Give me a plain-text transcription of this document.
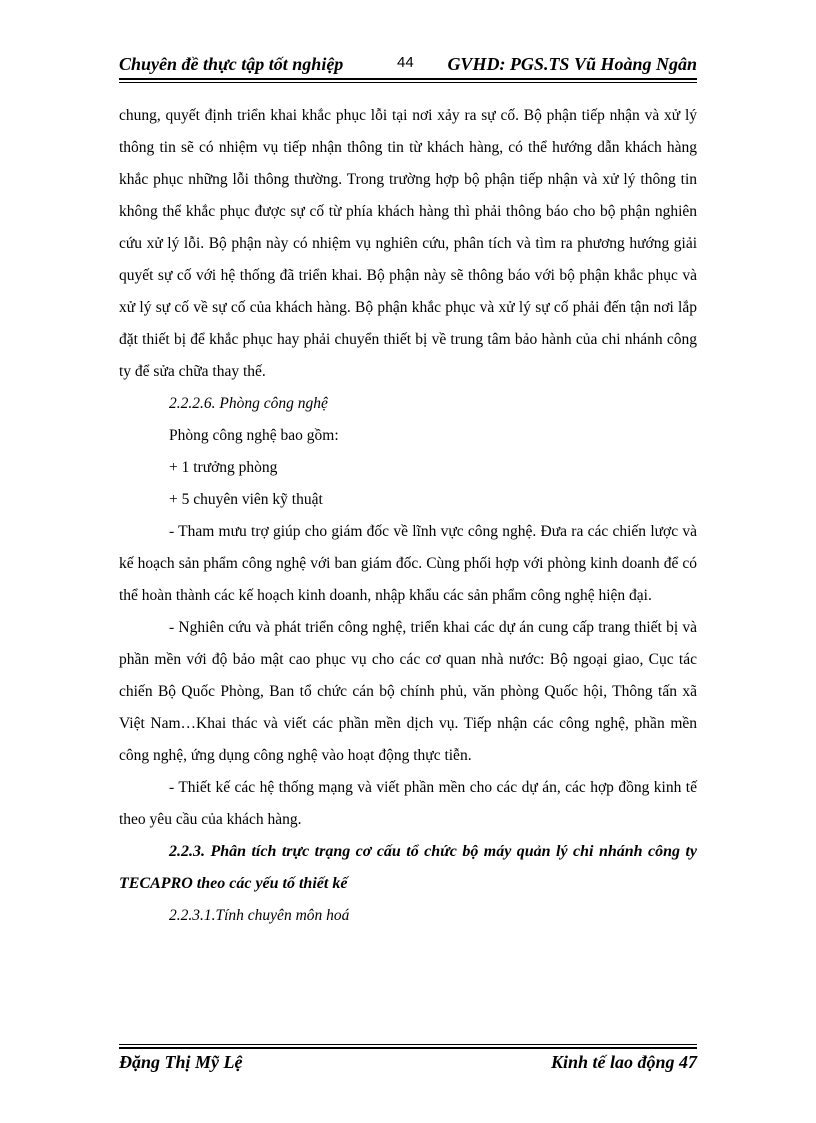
Chuyên đề thực tập tốt nghiệp	44 GVHD: PGS.TS Vũ Hoàng Ngân

chung, quyết định triển khai khắc phục lỗi tại nơi xảy ra sự cố. Bộ phận tiếp nhận và xử lý thông tin sẽ có nhiệm vụ tiếp nhận thông tin từ khách hàng, có thể hướng dẫn khách hàng khắc phục những lỗi thông thường. Trong trường hợp bộ phận tiếp nhận và xử lý thông tin không thể khắc phục được sự cố từ phía khách hàng thì phải thông báo cho bộ phận nghiên cứu xử lý lỗi. Bộ phận này có nhiệm vụ nghiên cứu, phân tích và tìm ra phương hướng giải quyết sự cố với hệ thống đã triển khai. Bộ phận này sẽ thông báo với bộ phận khắc phục và xử lý sự cố về sự cố của khách hàng. Bộ phận khắc phục và xử lý sự cố phải đến tận nơi lắp đặt thiết bị để khắc phục hay phải chuyển thiết bị về trung tâm bảo hành của chi nhánh công ty để sửa chữa thay thế.

2.2.2.6. Phòng công nghệ

Phòng công nghệ bao gồm:

+ 1 trưởng phòng

+ 5 chuyên viên kỹ thuật

- Tham mưu trợ giúp cho giám đốc về lĩnh vực công nghệ. Đưa ra các chiến lược và kế hoạch sản phẩm công nghệ với ban giám đốc. Cùng phối hợp với phòng kinh doanh để có thể hoàn thành các kế hoạch kinh doanh, nhập khẩu các sản phẩm công nghệ hiện đại.

- Nghiên cứu và phát triển công nghệ, triển khai các dự án cung cấp trang thiết bị và phần mền với độ bảo mật cao phục vụ cho các cơ quan nhà nước: Bộ ngoại giao, Cục tác chiến Bộ Quốc Phòng, Ban tổ chức cán bộ chính phủ, văn phòng Quốc hội, Thông tấn xã Việt Nam…Khai thác và viết các phần mền dịch vụ. Tiếp nhận các công nghệ, phần mền công nghệ, ứng dụng công nghệ vào hoạt động thực tiễn.

- Thiết kế các hệ thống mạng và viết phần mền cho các dự án, các hợp đồng kinh tế theo yêu cầu của khách hàng.

2.2.3. Phân tích trực trạng cơ cấu tổ chức bộ máy quản lý chi nhánh công ty TECAPRO theo các yếu tố thiết kế

2.2.3.1.Tính chuyên môn hoá

Đặng Thị Mỹ Lệ	Kinh tế lao động 47
